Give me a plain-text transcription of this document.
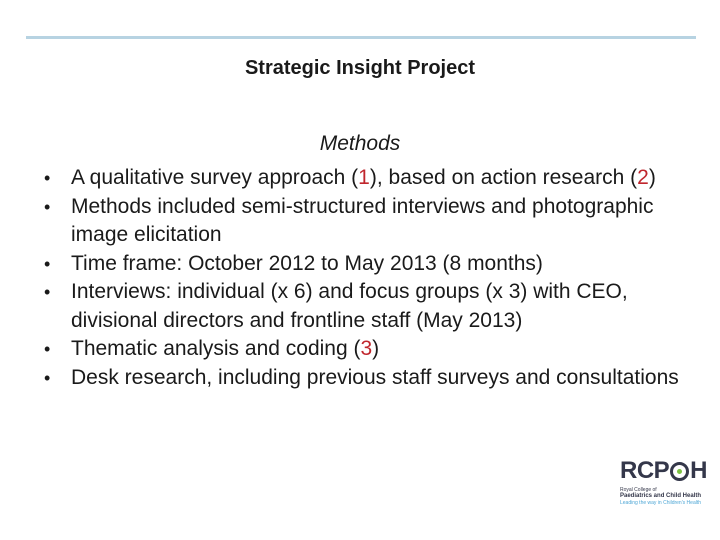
Strategic Insight Project
Methods
• A qualitative survey approach (1), based on action research (2)
• Methods included semi-structured interviews and photographic image elicitation
• Time frame: October 2012 to May 2013 (8 months)
• Interviews: individual (x 6) and focus groups (x 3) with CEO, divisional directors and frontline staff (May 2013)
• Thematic analysis and coding (3)
• Desk research, including previous staff surveys and consultations
RCP H
Royal College of
Paediatrics and Child Health
Leading the way in Children's Health
